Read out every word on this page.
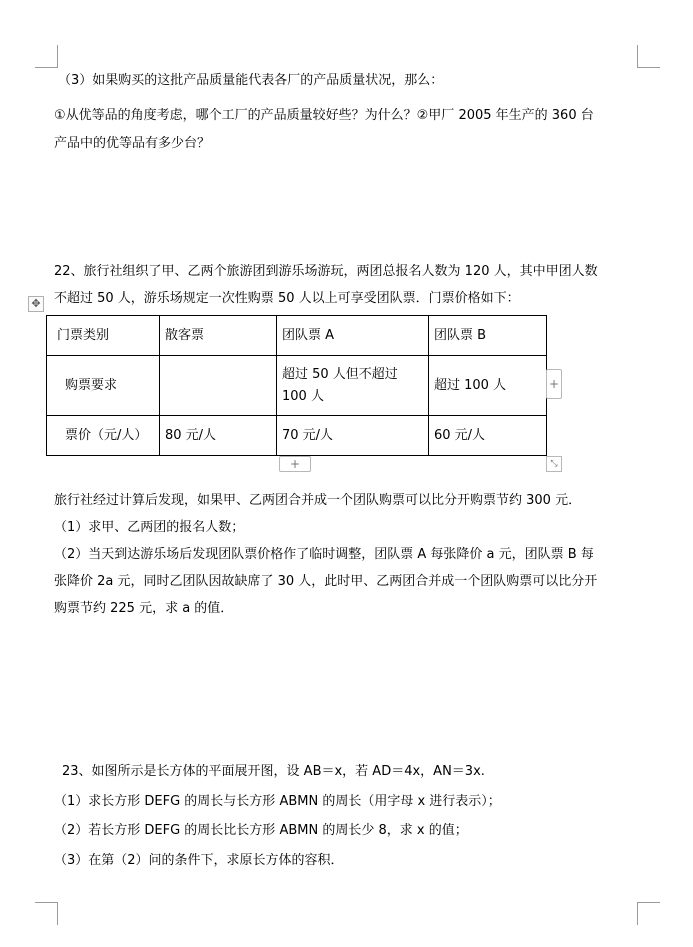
（3）如果购买的这批产品质量能代表各厂的产品质量状况，那么：
①从优等品的角度考虑，哪个工厂的产品质量较好些？为什么？②甲厂 2005 年生产的 360 台
产品中的优等品有多少台？
22、旅行社组织了甲、乙两个旅游团到游乐场游玩，两团总报名人数为 120 人，其中甲团人数
不超过 50 人，游乐场规定一次性购票 50 人以上可享受团队票．门票价格如下：
✥
门票类别	散客票	团队票 A	团队票 B
购票要求		超过 50 人但不超过 100 人	超过 100 人
票价（元/人）	80 元/人	70 元/人	60 元/人
+
+	⤡
旅行社经过计算后发现，如果甲、乙两团合并成一个团队购票可以比分开购票节约 300 元．
（1）求甲、乙两团的报名人数；
（2）当天到达游乐场后发现团队票价格作了临时调整，团队票 A 每张降价 a 元，团队票 B 每
张降价 2a 元，同时乙团队因故缺席了 30 人，此时甲、乙两团合并成一个团队购票可以比分开
购票节约 225 元，求 a 的值．
23、如图所示是长方体的平面展开图，设 AB＝x，若 AD＝4x，AN＝3x.
（1）求长方形 DEFG 的周长与长方形 ABMN 的周长（用字母 x 进行表示）；
（2）若长方形 DEFG 的周长比长方形 ABMN 的周长少 8，求 x 的值；
（3）在第（2）问的条件下，求原长方体的容积．
